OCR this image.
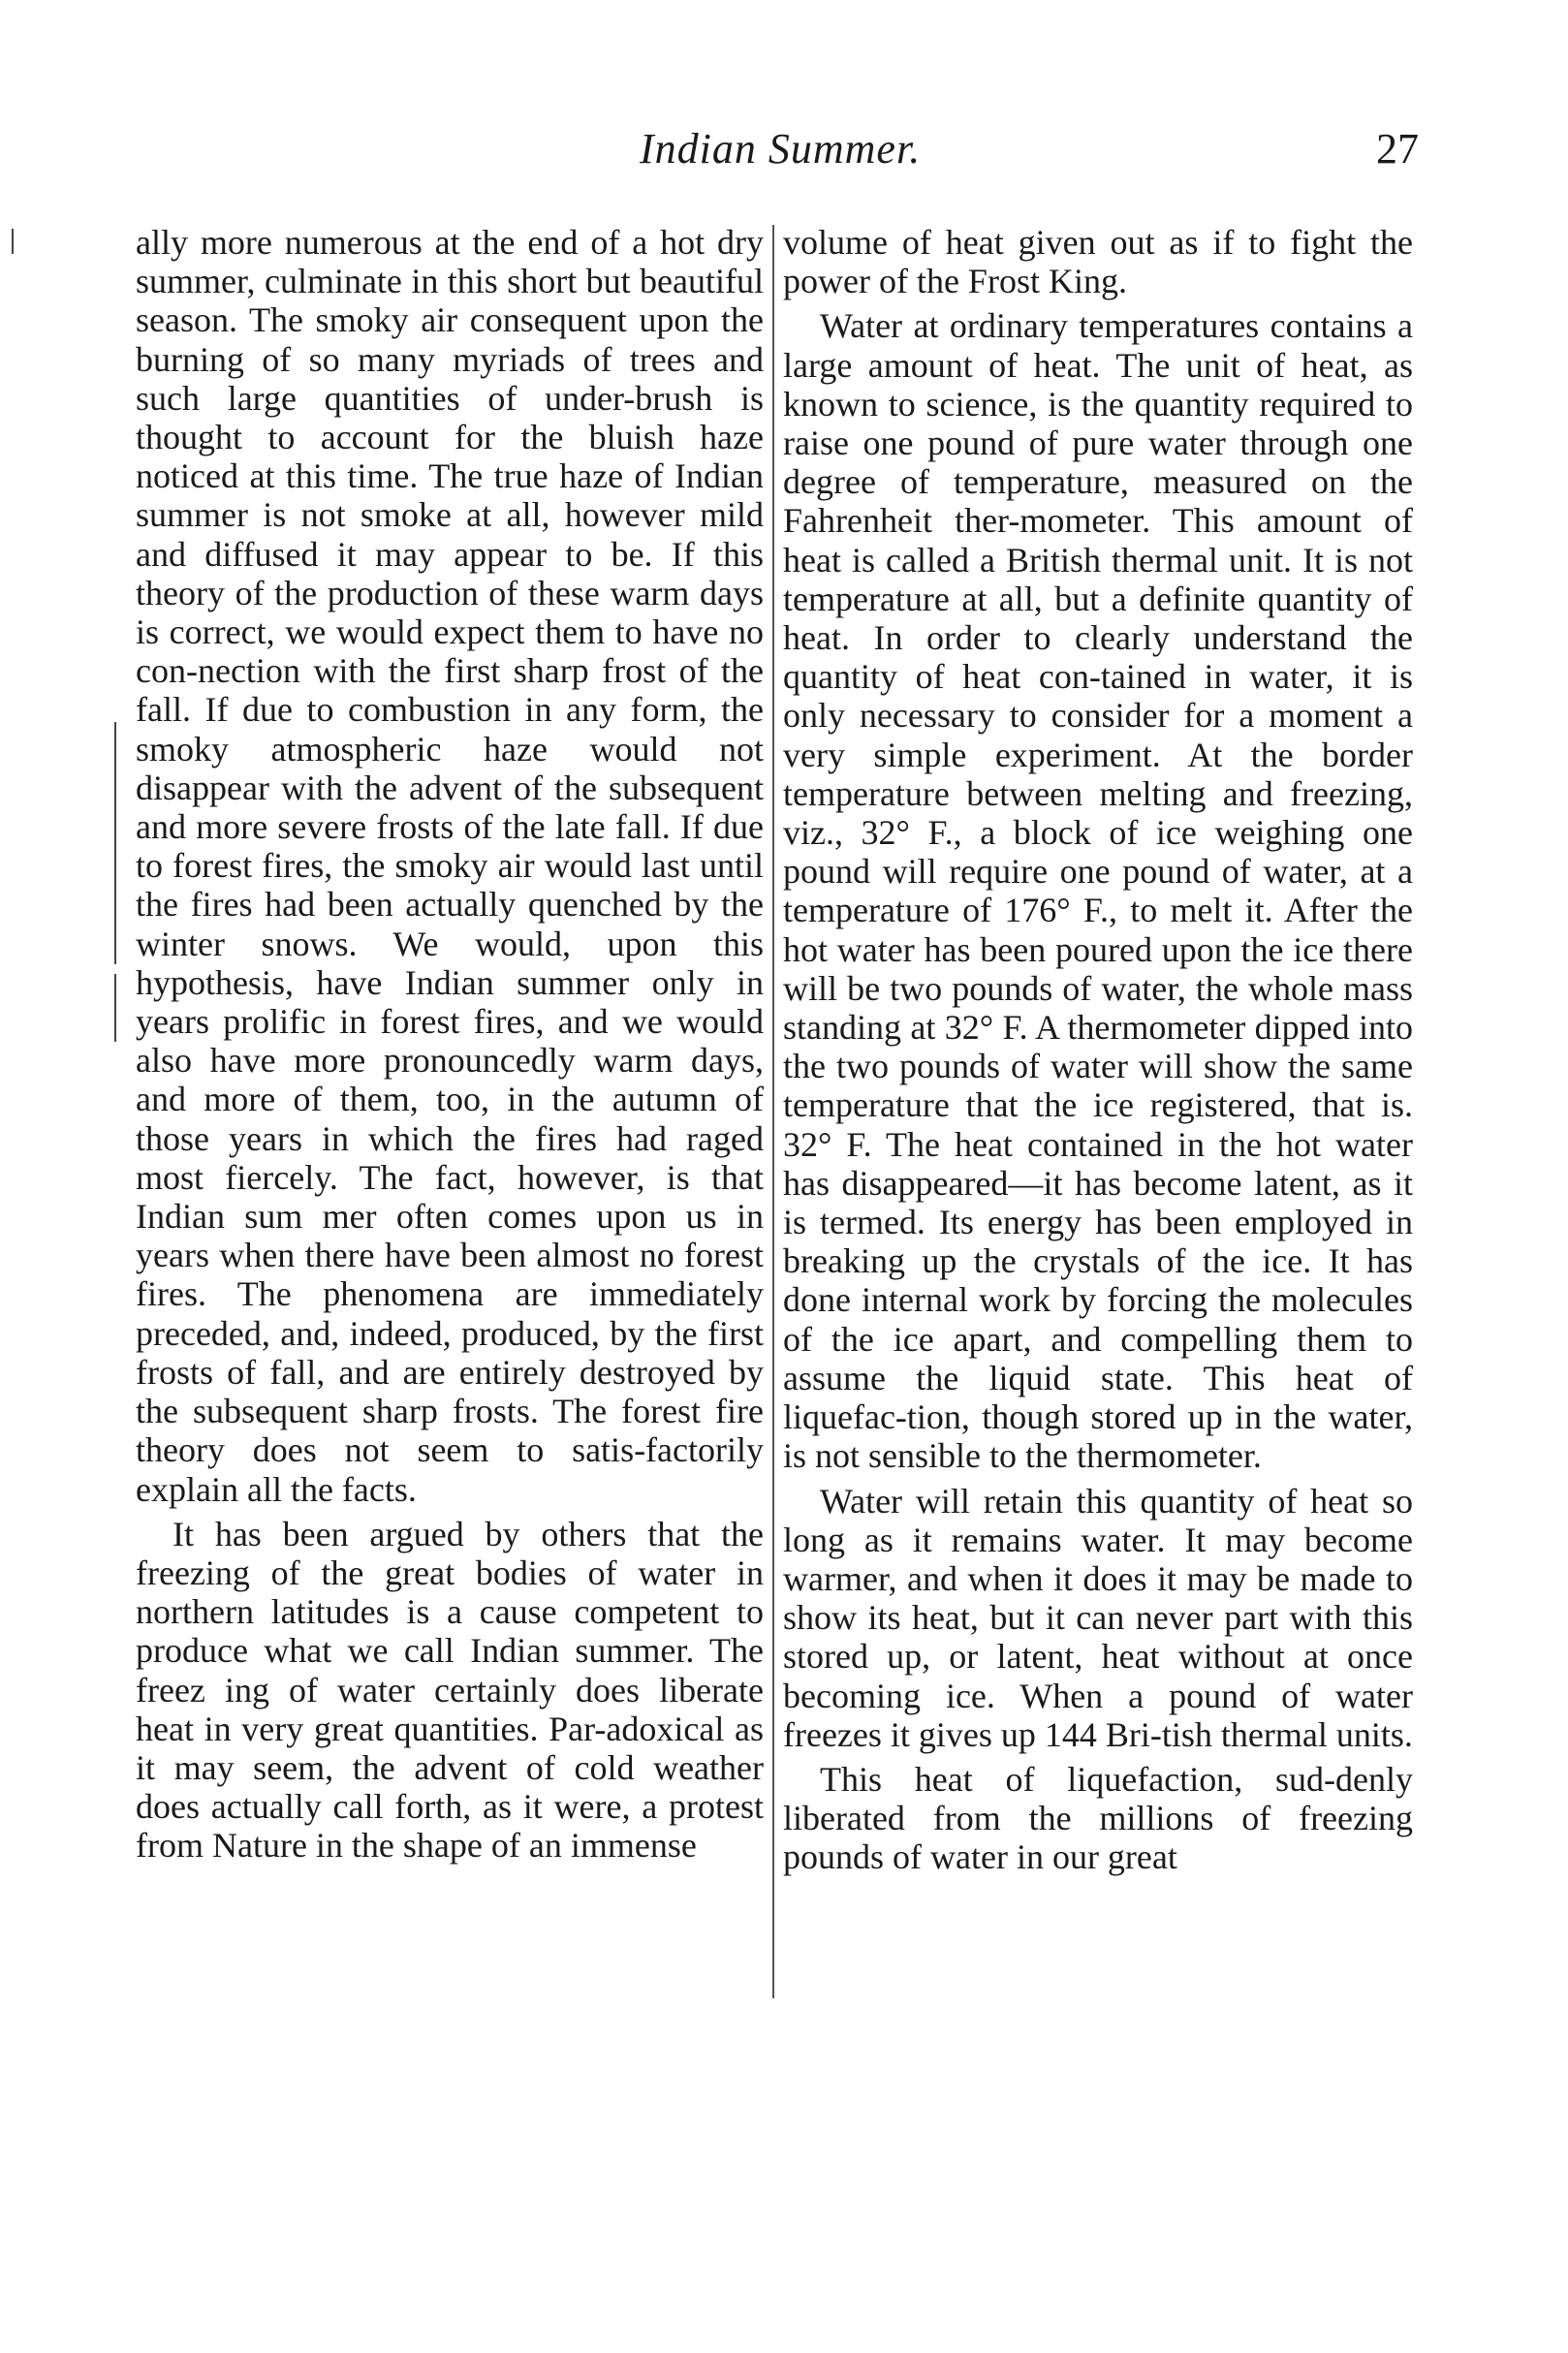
Indian Summer.	27

ally more numerous at the end of a hot dry summer, culminate in this short but beautiful season. The smoky air consequent upon the burning of so many myriads of trees and such large quantities of under-brush is thought to account for the bluish haze noticed at this time. The true haze of Indian summer is not smoke at all, however mild and diffused it may appear to be. If this theory of the production of these warm days is correct, we would expect them to have no con-nection with the first sharp frost of the fall. If due to combustion in any form, the smoky atmospheric haze would not disappear with the advent of the subsequent and more severe frosts of the late fall. If due to forest fires, the smoky air would last until the fires had been actually quenched by the winter snows. We would, upon this hypothesis, have Indian summer only in years prolific in forest fires, and we would also have more pronouncedly warm days, and more of them, too, in the autumn of those years in which the fires had raged most fiercely. The fact, however, is that Indian sum mer often comes upon us in years when there have been almost no forest fires. The phenomena are immediately preceded, and, indeed, produced, by the first frosts of fall, and are entirely destroyed by the subsequent sharp frosts. The forest fire theory does not seem to satis-factorily explain all the facts.

It has been argued by others that the freezing of the great bodies of water in northern latitudes is a cause competent to produce what we call Indian summer. The freez ing of water certainly does liberate heat in very great quantities. Par-adoxical as it may seem, the advent of cold weather does actually call forth, as it were, a protest from Nature in the shape of an immense

volume of heat given out as if to fight the power of the Frost King.

Water at ordinary temperatures contains a large amount of heat. The unit of heat, as known to science, is the quantity required to raise one pound of pure water through one degree of temperature, measured on the Fahrenheit ther-mometer. This amount of heat is called a British thermal unit. It is not temperature at all, but a definite quantity of heat. In order to clearly understand the quantity of heat con-tained in water, it is only necessary to consider for a moment a very simple experiment. At the border temperature between melting and freezing, viz., 32° F., a block of ice weighing one pound will require one pound of water, at a temperature of 176° F., to melt it. After the hot water has been poured upon the ice there will be two pounds of water, the whole mass standing at 32° F. A thermometer dipped into the two pounds of water will show the same temperature that the ice registered, that is. 32° F. The heat contained in the hot water has disappeared—it has become latent, as it is termed. Its energy has been employed in breaking up the crystals of the ice. It has done internal work by forcing the molecules of the ice apart, and compelling them to assume the liquid state. This heat of liquefac-tion, though stored up in the water, is not sensible to the thermometer.

Water will retain this quantity of heat so long as it remains water. It may become warmer, and when it does it may be made to show its heat, but it can never part with this stored up, or latent, heat without at once becoming ice. When a pound of water freezes it gives up 144 Bri-tish thermal units.

This heat of liquefaction, sud-denly liberated from the millions of freezing pounds of water in our great
